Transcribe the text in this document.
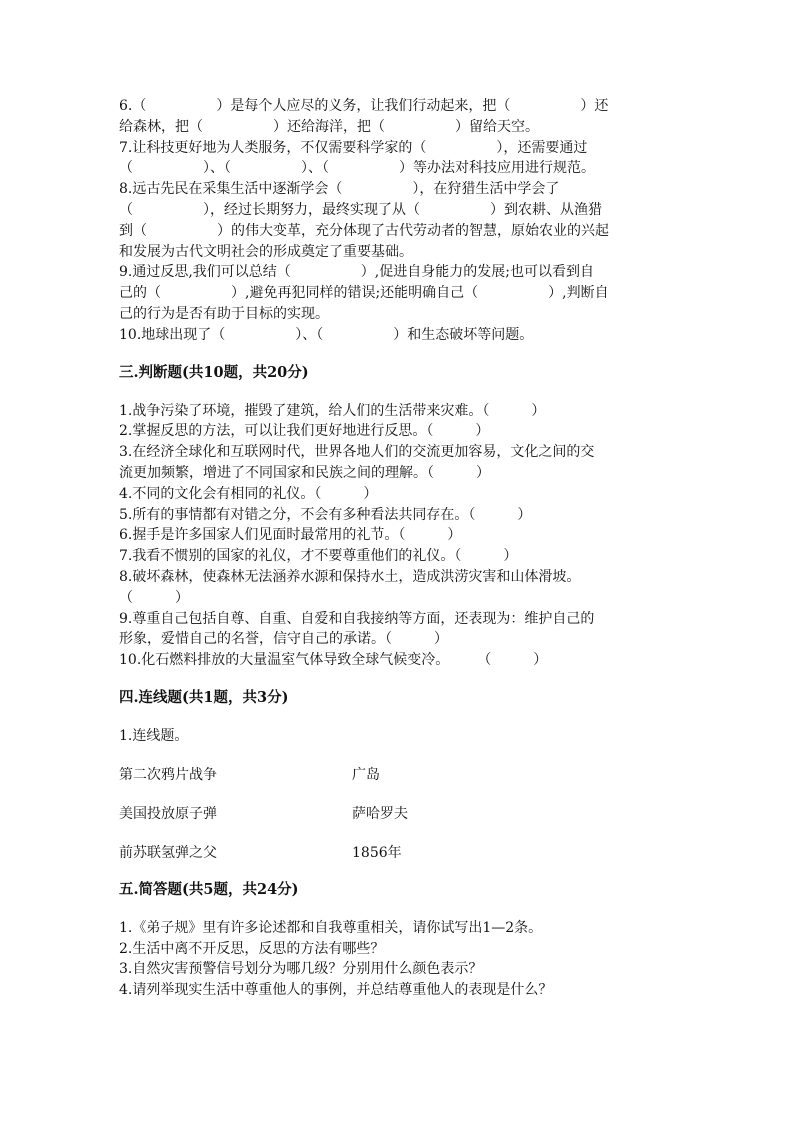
6.（　　　　　）是每个人应尽的义务，让我们行动起来，把（　　　　　）还
给森林，把（　　　　　）还给海洋，把（　　　　　）留给天空。
7.让科技更好地为人类服务，不仅需要科学家的（　　　　　），还需要通过
（　　　　　）、（　　　　　）、（　　　　　）等办法对科技应用进行规范。
8.远古先民在采集生活中逐渐学会（　　　　　），在狩猎生活中学会了
（　　　　　），经过长期努力，最终实现了从（　　　　　）到农耕、从渔猎
到（　　　　　）的伟大变革，充分体现了古代劳动者的智慧，原始农业的兴起
和发展为古代文明社会的形成奠定了重要基础。
9.通过反思,我们可以总结（　　　　　）,促进自身能力的发展;也可以看到自
己的（　　　　　）,避免再犯同样的错误;还能明确自己（　　　　　）,判断自
己的行为是否有助于目标的实现。
10.地球出现了（　　　　　）、（　　　　　）和生态破坏等问题。
三.判断题(共10题，共20分)
1.战争污染了环境，摧毁了建筑，给人们的生活带来灾难。（　　　）
2.掌握反思的方法，可以让我们更好地进行反思。（　　　）
3.在经济全球化和互联网时代，世界各地人们的交流更加容易，文化之间的交
流更加频繁，增进了不同国家和民族之间的理解。（　　　）
4.不同的文化会有相同的礼仪。（　　　）
5.所有的事情都有对错之分，不会有多种看法共同存在。（　　　）
6.握手是许多国家人们见面时最常用的礼节。（　　　）
7.我看不惯别的国家的礼仪，才不要尊重他们的礼仪。（　　　）
8.破坏森林，使森林无法涵养水源和保持水土，造成洪涝灾害和山体滑坡。
（　　　）
9.尊重自己包括自尊、自重、自爱和自我接纳等方面，还表现为：维护自己的
形象，爱惜自己的名誉，信守自己的承诺。（　　　）
10.化石燃料排放的大量温室气体导致全球气候变冷。　　　（　　　）
四.连线题(共1题，共3分)
1.连线题。
第二次鸦片战争	广岛
美国投放原子弹	萨哈罗夫
前苏联氢弹之父	1856年
五.简答题(共5题，共24分)
1.《弟子规》里有许多论述都和自我尊重相关，请你试写出1—2条。
2.生活中离不开反思，反思的方法有哪些？
3.自然灾害预警信号划分为哪几级？分别用什么颜色表示？
4.请列举现实生活中尊重他人的事例，并总结尊重他人的表现是什么？
